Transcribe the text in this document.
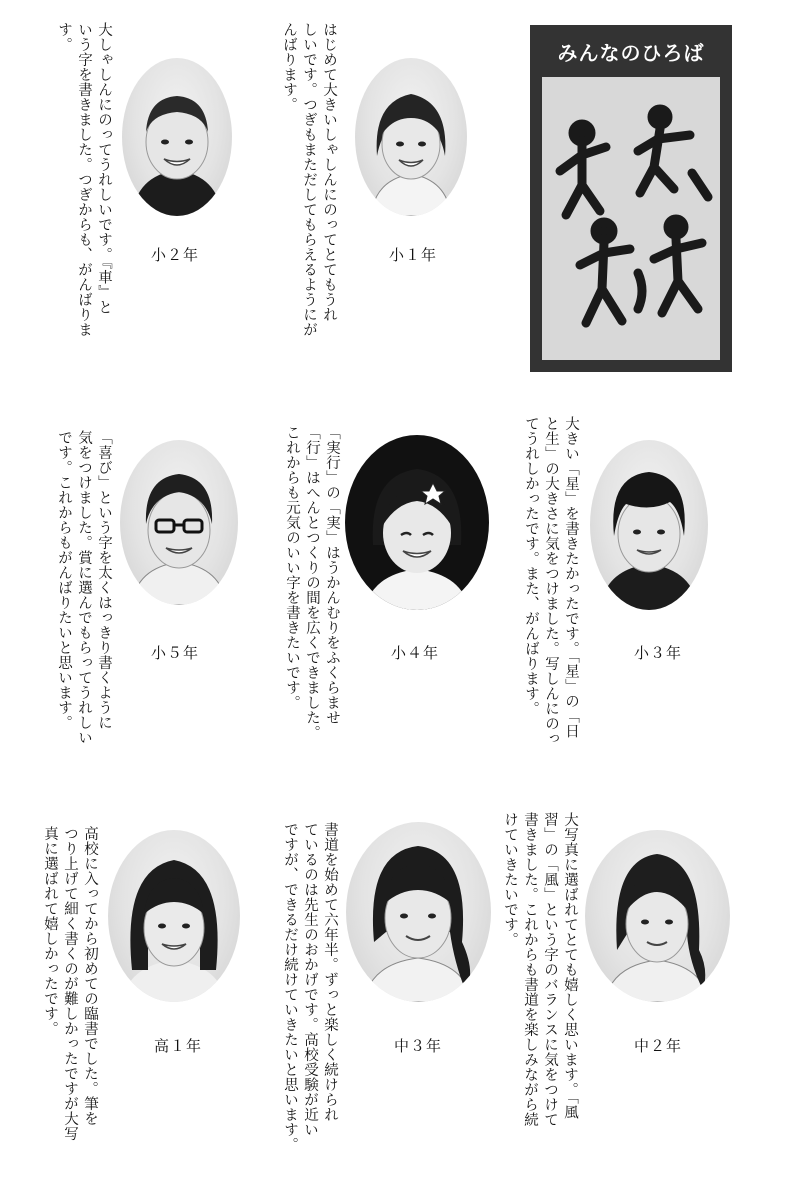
大しゃしんにのってうれしいです。『車』と
いう字を書きました。つぎからも、がんばりま
す。
小２年	はじめて大きいしゃしんにのってとてもうれ
しいです。つぎもまただしてもらえるようにが
んばります。
小１年
みんなのひろば
「喜び」という字を太くはっきり書くように
気をつけました。賞に選んでもらってうれしい
です。これからもがんばりたいと思います。	小５年	「実行」の「実」はうかんむりをふくらませ
「行」はへんとつくりの間を広くできました。
これからも元気のいい字を書きたいです。	小４年	大きい「星」を書きたかったです。「星」の「日
と生」の大きさに気をつけました。写しんにのっ
てうれしかったです。また、がんばります。	小３年
高校に入ってから初めての臨書でした。筆を
つり上げて細く書くのが難しかったですが大写
真に選ばれて嬉しかったです。
高１年	書道を始めて六年半。ずっと楽しく続けられ
ているのは先生のおかげです。高校受験が近い
ですが、できるだけ続けていきたいと思います。	中３年	大写真に選ばれてとても嬉しく思います。「風
習」の「風」という字のバランスに気をつけて
書きました。これからも書道を楽しみながら続
けていきたいです。
中２年
